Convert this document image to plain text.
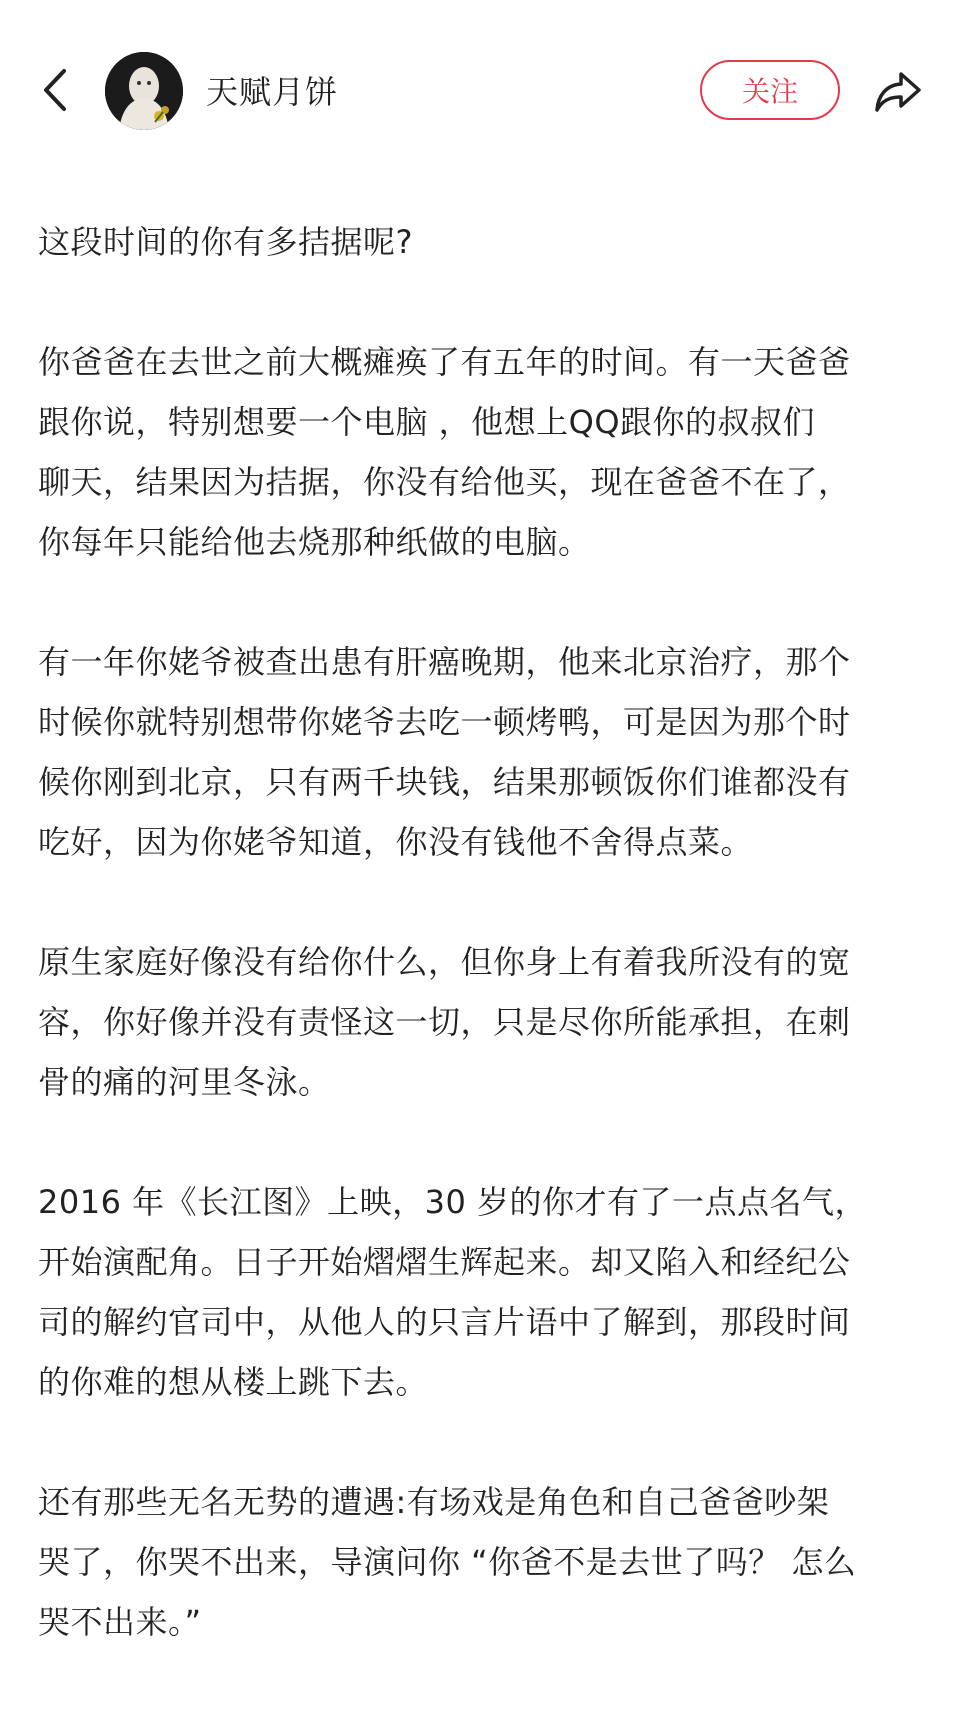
天赋月饼	关注
这段时间的你有多拮据呢?
你爸爸在去世之前大概瘫痪了有五年的时间。有一天爸爸
跟你说，特别想要一个电脑 ，他想上QQ跟你的叔叔们
聊天，结果因为拮据，你没有给他买，现在爸爸不在了，
你每年只能给他去烧那种纸做的电脑。
有一年你姥爷被查出患有肝癌晚期，他来北京治疗，那个
时候你就特别想带你姥爷去吃一顿烤鸭，可是因为那个时
候你刚到北京，只有两千块钱，结果那顿饭你们谁都没有
吃好，因为你姥爷知道，你没有钱他不舍得点菜。
原生家庭好像没有给你什么，但你身上有着我所没有的宽
容，你好像并没有责怪这一切，只是尽你所能承担，在刺
骨的痛的河里冬泳。
2016 年《长江图》上映，30 岁的你才有了一点点名气，
开始演配角。日子开始熠熠生辉起来。却又陷入和经纪公
司的解约官司中，从他人的只言片语中了解到，那段时间
的你难的想从楼上跳下去。
还有那些无名无势的遭遇:有场戏是角色和自己爸爸吵架
哭了，你哭不出来，导演问你 “你爸不是去世了吗？ 怎么
哭不出来。”
